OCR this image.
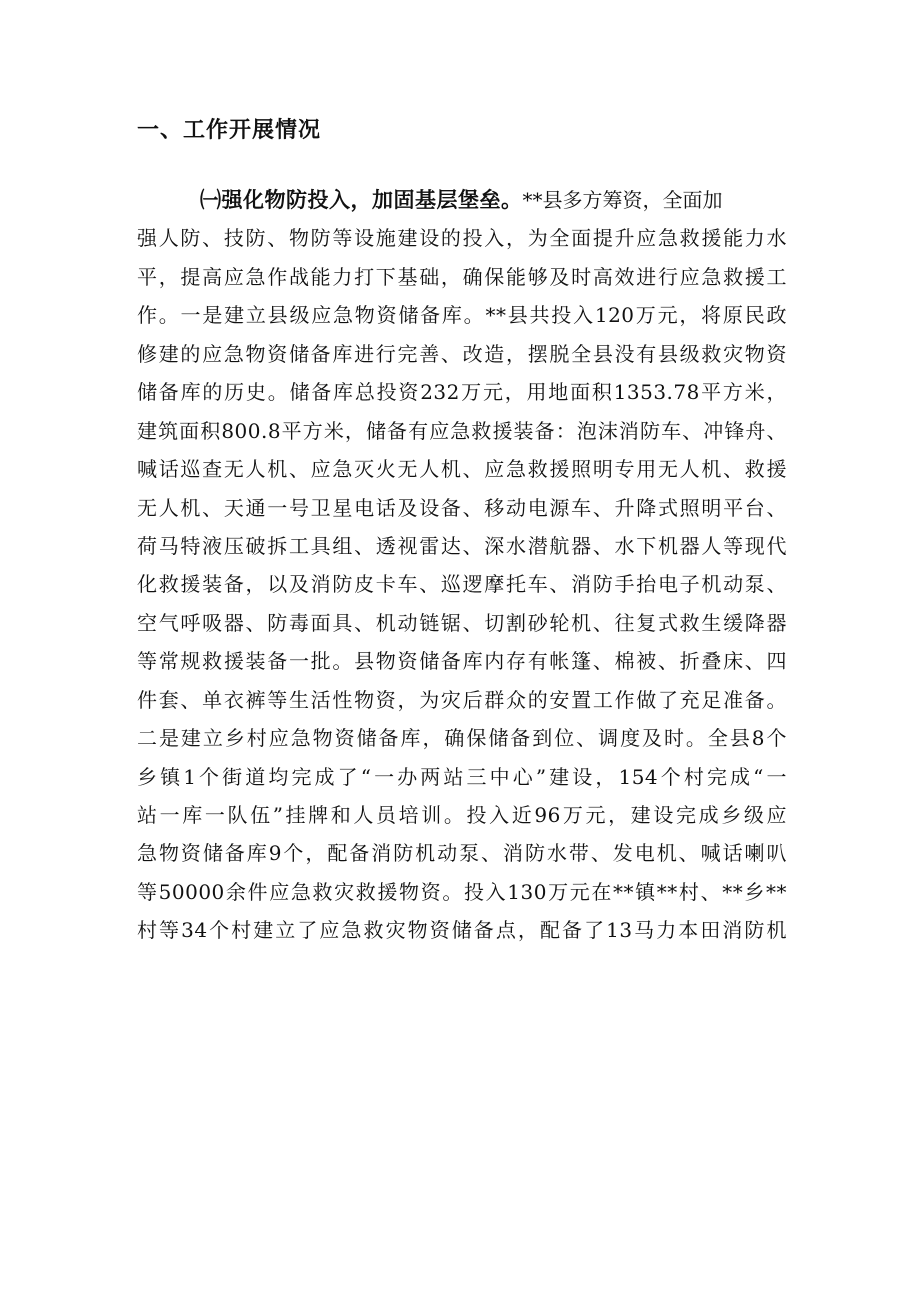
一、工作开展情况
㈠强化物防投入，加固基层堡垒。**县多方筹资，全面加
强人防、技防、物防等设施建设的投入，为全面提升应急救援能力水
平，提高应急作战能力打下基础，确保能够及时高效进行应急救援工
作。一是建立县级应急物资储备库。**县共投入120万元，将原民政
修建的应急物资储备库进行完善、改造，摆脱全县没有县级救灾物资
储备库的历史。储备库总投资232万元，用地面积1353.78平方米，
建筑面积800.8平方米，储备有应急救援装备：泡沫消防车、冲锋舟、
喊话巡查无人机、应急灭火无人机、应急救援照明专用无人机、救援
无人机、天通一号卫星电话及设备、移动电源车、升降式照明平台、
荷马特液压破拆工具组、透视雷达、深水潜航器、水下机器人等现代
化救援装备，以及消防皮卡车、巡逻摩托车、消防手抬电子机动泵、
空气呼吸器、防毒面具、机动链锯、切割砂轮机、往复式救生缓降器
等常规救援装备一批。县物资储备库内存有帐篷、棉被、折叠床、四
件套、单衣裤等生活性物资，为灾后群众的安置工作做了充足准备。
二是建立乡村应急物资储备库，确保储备到位、调度及时。全县8个
乡镇1个街道均完成了“一办两站三中心”建设，154个村完成“一
站一库一队伍”挂牌和人员培训。投入近96万元，建设完成乡级应
急物资储备库9个，配备消防机动泵、消防水带、发电机、喊话喇叭
等50000余件应急救灾救援物资。投入130万元在**镇**村、**乡**
村等34个村建立了应急救灾物资储备点，配备了13马力本田消防机
